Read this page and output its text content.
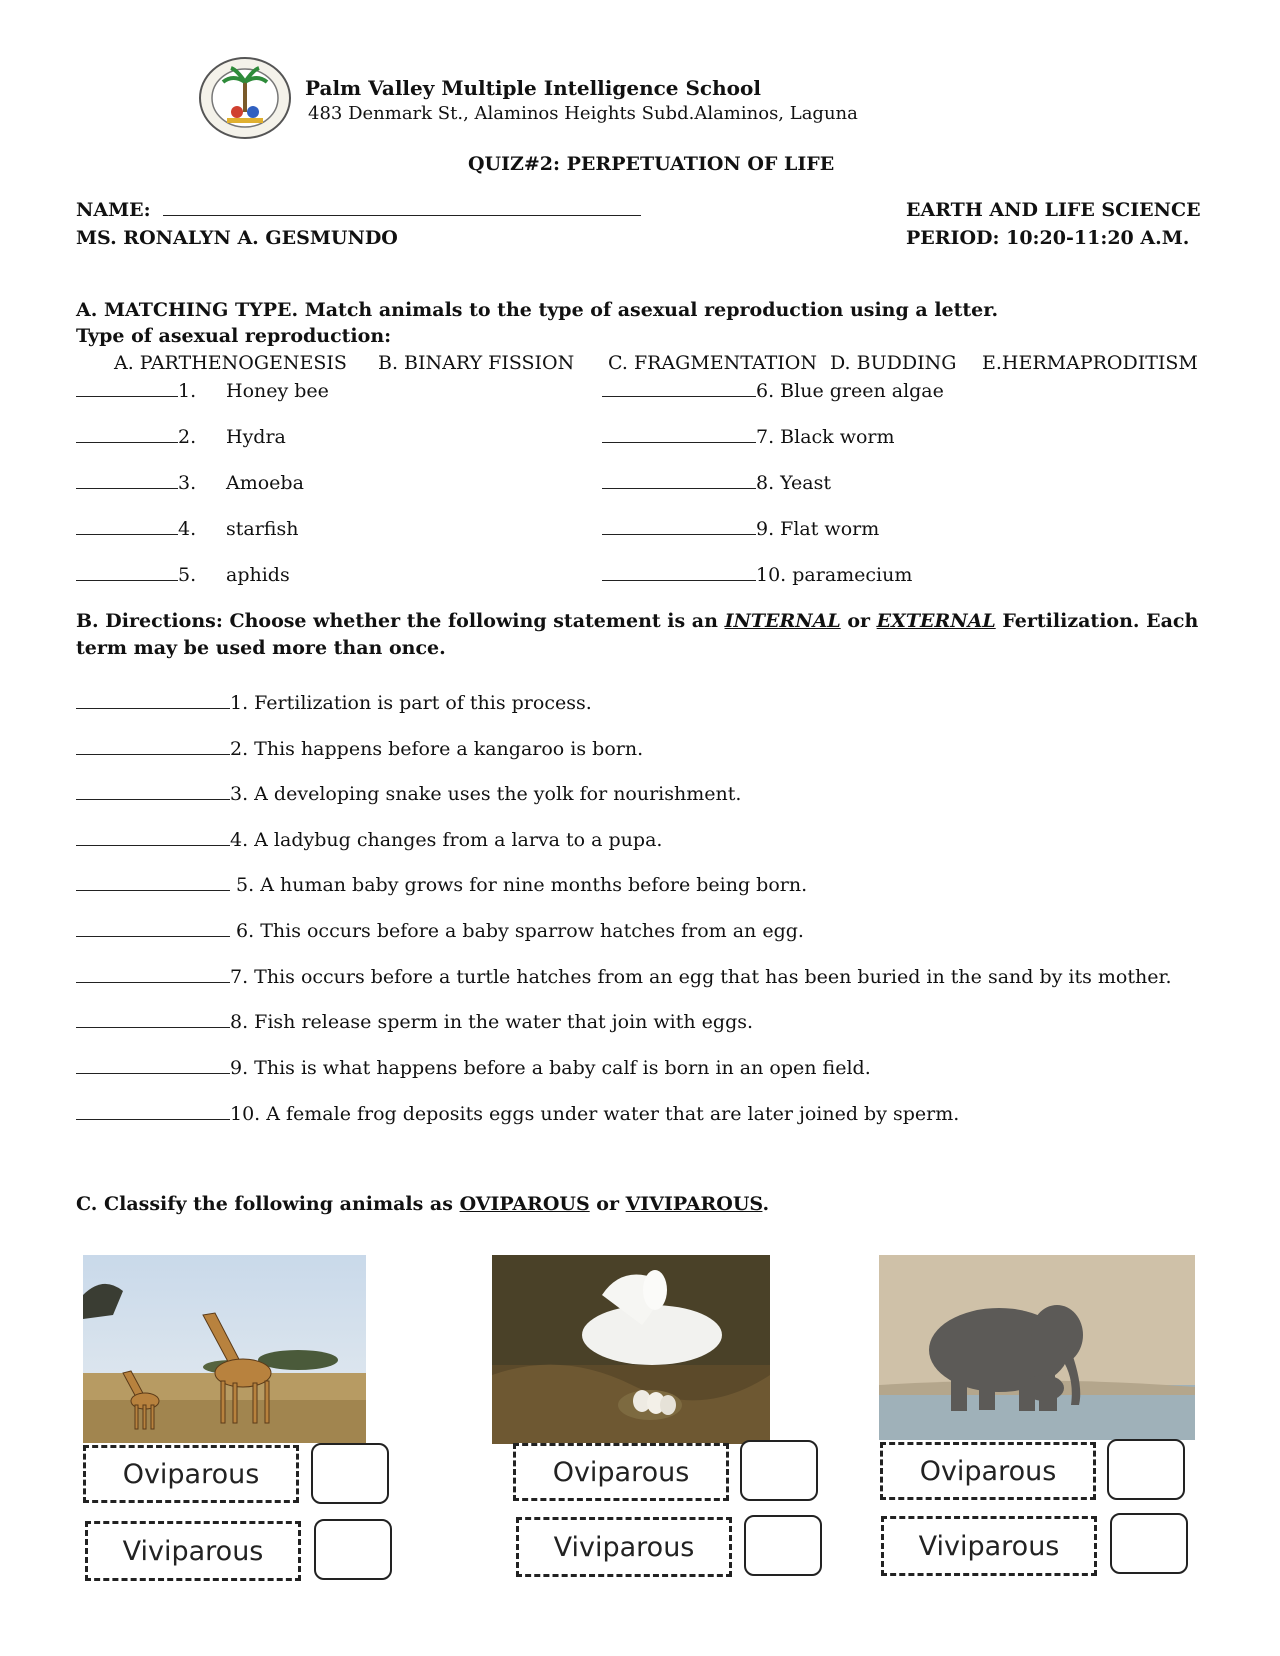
Palm Valley Multiple Intelligence School
483 Denmark St., Alaminos Heights Subd.Alaminos, Laguna
QUIZ#2: PERPETUATION OF LIFE
NAME:
MS. RONALYN A. GESMUNDO
EARTH AND LIFE SCIENCE
PERIOD: 10:20-11:20 A.M.
A. MATCHING TYPE. Match animals to the type of asexual reproduction using a letter.
Type of asexual reproduction:
A. PARTHENOGENESIS B. BINARY FISSION C. FRAGMENTATION D. BUDDING E.HERMAPRODITISM
1. Honey bee
2. Hydra
3. Amoeba
4. starfish
5. aphids
6. Blue green algae
7. Black worm
8. Yeast
9. Flat worm
10. paramecium
B. Directions: Choose whether the following statement is an INTERNAL or EXTERNAL Fertilization. Each
term may be used more than once.
1. Fertilization is part of this process.
2. This happens before a kangaroo is born.
3. A developing snake uses the yolk for nourishment.
4. A ladybug changes from a larva to a pupa.
5. A human baby grows for nine months before being born.
6. This occurs before a baby sparrow hatches from an egg.
7. This occurs before a turtle hatches from an egg that has been buried in the sand by its mother.
8. Fish release sperm in the water that join with eggs.
9. This is what happens before a baby calf is born in an open field.
10. A female frog deposits eggs under water that are later joined by sperm.
C. Classify the following animals as OVIPAROUS or VIVIPAROUS.
Oviparous
Viviparous
Oviparous
Viviparous
Oviparous
Viviparous
